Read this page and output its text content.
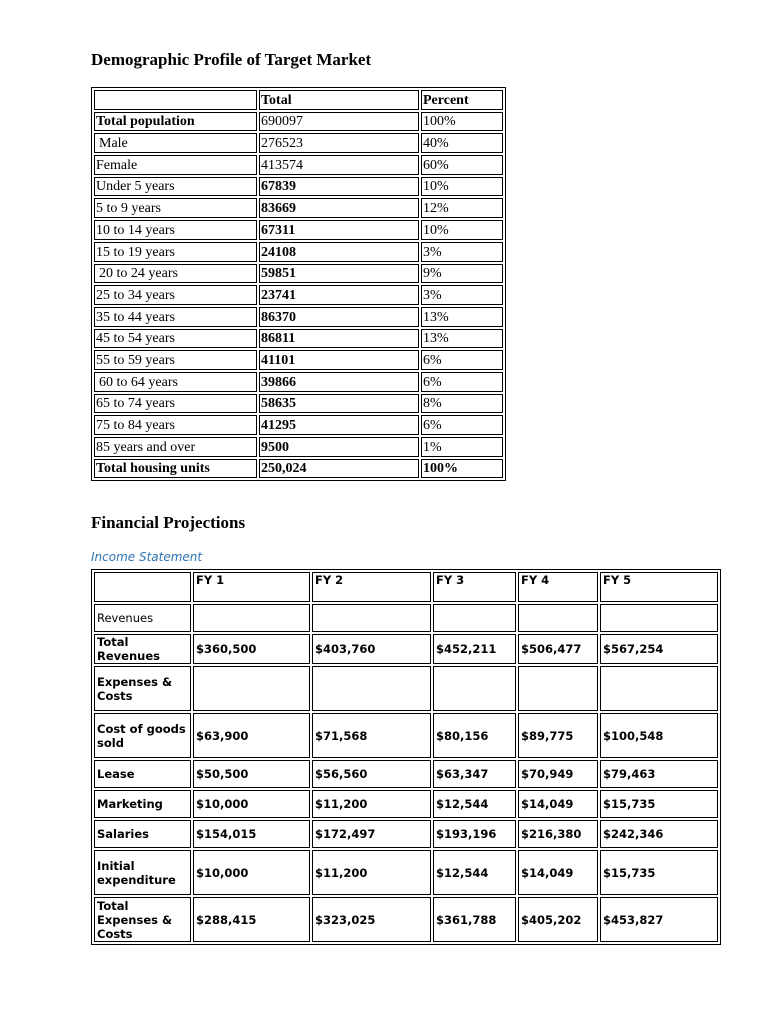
Demographic Profile of Target Market
	Total	Percent
Total population	690097	100%
Male	276523	40%
Female	413574	60%
Under 5 years	67839	10%
5 to 9 years	83669	12%
10 to 14 years	67311	10%
15 to 19 years	24108	3%
20 to 24 years	59851	9%
25 to 34 years	23741	3%
35 to 44 years	86370	13%
45 to 54 years	86811	13%
55 to 59 years	41101	6%
60 to 64 years	39866	6%
65 to 74 years	58635	8%
75 to 84 years	41295	6%
85 years and over	9500	1%
Total housing units	250,024	100%
Financial Projections
Income Statement
	FY 1	FY 2	FY 3	FY 4	FY 5
Revenues					
Total Revenues	$360,500	$403,760	$452,211	$506,477	$567,254
Expenses & Costs					
Cost of goods sold	$63,900	$71,568	$80,156	$89,775	$100,548
Lease	$50,500	$56,560	$63,347	$70,949	$79,463
Marketing	$10,000	$11,200	$12,544	$14,049	$15,735
Salaries	$154,015	$172,497	$193,196	$216,380	$242,346
Initial expenditure	$10,000	$11,200	$12,544	$14,049	$15,735
Total Expenses & Costs	$288,415	$323,025	$361,788	$405,202	$453,827
